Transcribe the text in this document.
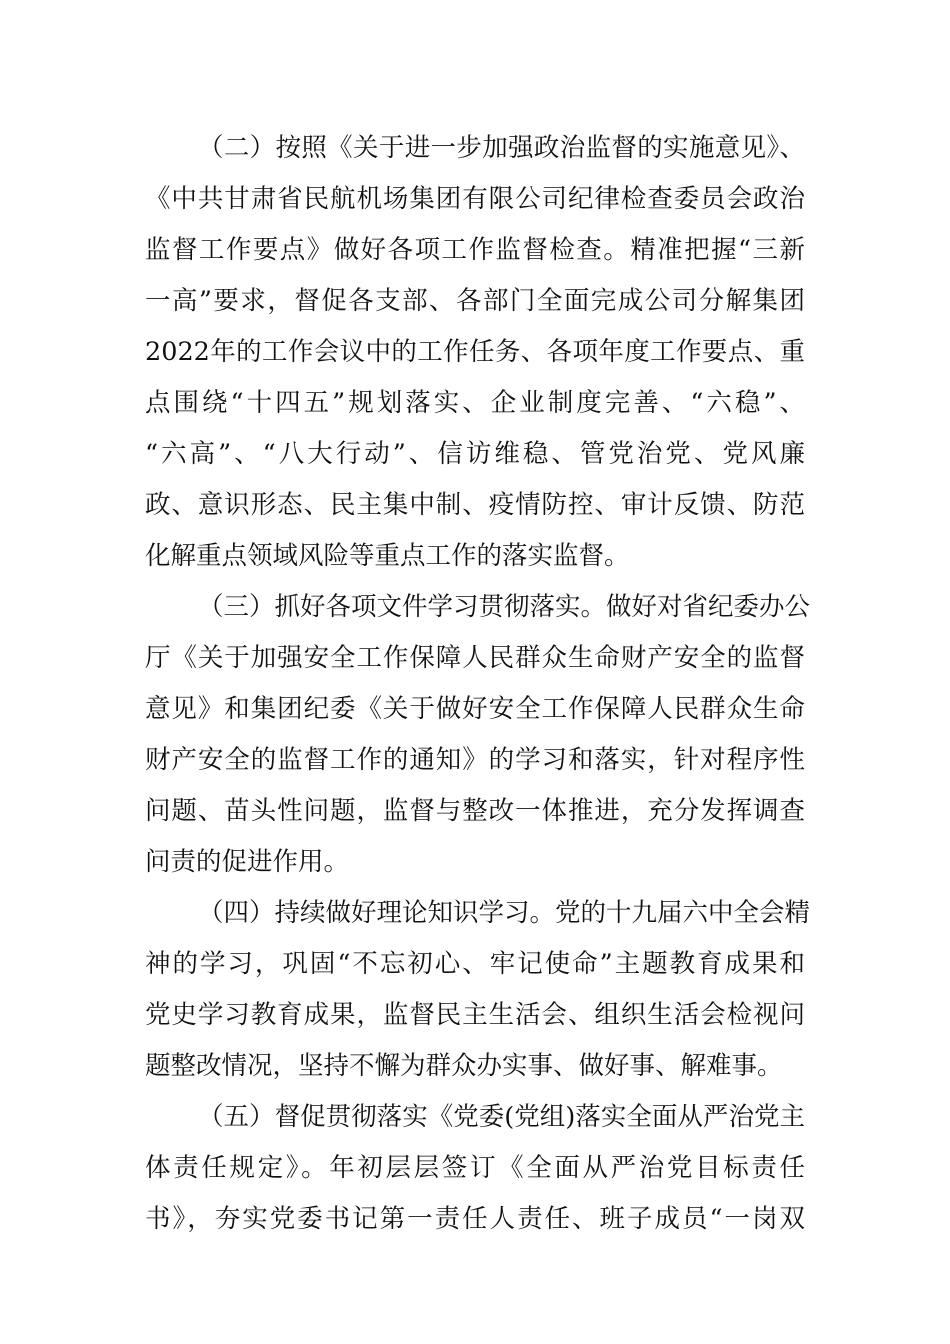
（二）按照《关于进一步加强政治监督的实施意见》、
《中共甘肃省民航机场集团有限公司纪律检查委员会政治
监督工作要点》做好各项工作监督检查。精准把握“三新
一高”要求，督促各支部、各部门全面完成公司分解集团
2022年的工作会议中的工作任务、各项年度工作要点、重
点围绕“十四五”规划落实、企业制度完善、“六稳”、
“六高”、“八大行动”、信访维稳、管党治党、党风廉
政、意识形态、民主集中制、疫情防控、审计反馈、防范
化解重点领域风险等重点工作的落实监督。
（三）抓好各项文件学习贯彻落实。做好对省纪委办公
厅《关于加强安全工作保障人民群众生命财产安全的监督
意见》和集团纪委《关于做好安全工作保障人民群众生命
财产安全的监督工作的通知》的学习和落实，针对程序性
问题、苗头性问题，监督与整改一体推进，充分发挥调查
问责的促进作用。
（四）持续做好理论知识学习。党的十九届六中全会精
神的学习，巩固“不忘初心、牢记使命”主题教育成果和
党史学习教育成果，监督民主生活会、组织生活会检视问
题整改情况，坚持不懈为群众办实事、做好事、解难事。
（五）督促贯彻落实《党委(党组)落实全面从严治党主
体责任规定》。年初层层签订《全面从严治党目标责任
书》，夯实党委书记第一责任人责任、班子成员“一岗双
